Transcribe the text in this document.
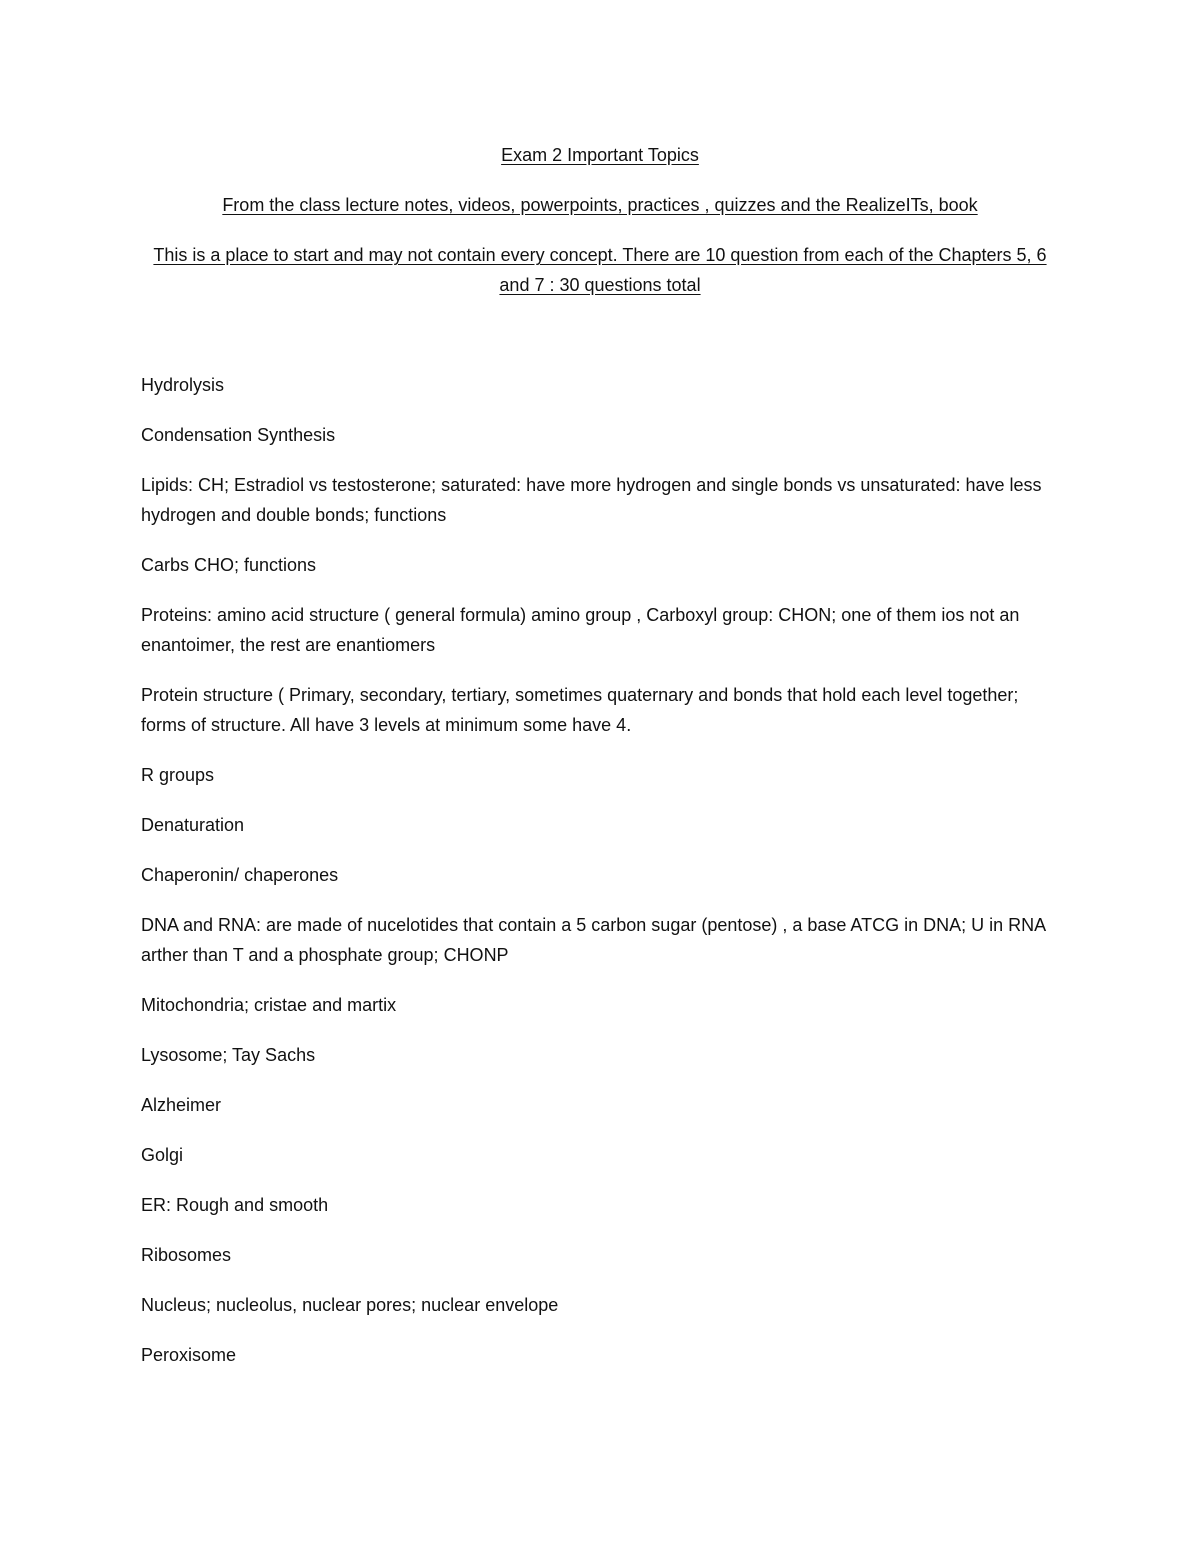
Exam 2 Important Topics

From the class lecture notes, videos, powerpoints, practices , quizzes and the RealizeITs, book

This is a place to start and may not contain every concept. There are 10 question from each of the Chapters 5, 6 and 7 : 30 questions total

Hydrolysis

Condensation Synthesis

Lipids: CH; Estradiol vs testosterone; saturated: have more hydrogen and single bonds vs unsaturated: have less hydrogen and double bonds; functions

Carbs CHO; functions

Proteins: amino acid structure ( general formula) amino group , Carboxyl group: CHON; one of them ios not an enantoimer, the rest are enantiomers

Protein structure ( Primary, secondary, tertiary, sometimes quaternary and bonds that hold each level together; forms of structure. All have 3 levels at minimum some have 4.

R groups

Denaturation

Chaperonin/ chaperones

DNA and RNA: are made of nucelotides that contain a 5 carbon sugar (pentose) , a base ATCG in DNA; U in RNA arther than T and a phosphate group; CHONP

Mitochondria; cristae and martix

Lysosome; Tay Sachs

Alzheimer

Golgi

ER: Rough and smooth

Ribosomes

Nucleus; nucleolus, nuclear pores; nuclear envelope

Peroxisome
